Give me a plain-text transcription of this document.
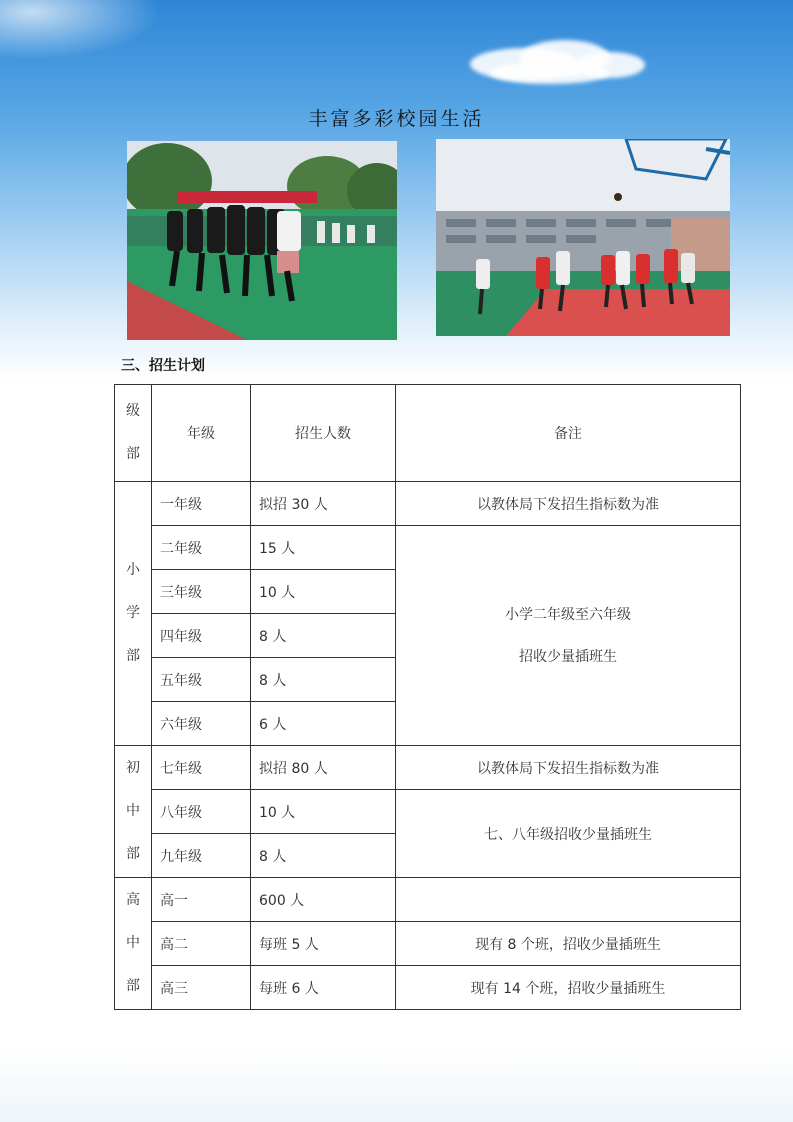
丰富多彩校园生活
三、招生计划
级
部	年级	招生人数	备注

小
学
部	一年级	拟招 30 人	以教体局下发招生指标数为准
	二年级	15 人	小学二年级至六年级
招收少量插班生

	三年级	10 人	
	四年级	8 人	
	五年级	8 人	
	六年级	6 人	

初
中
部	七年级	拟招 80 人	以教体局下发招生指标数为准
	八年级	10 人	七、八年级招收少量插班生
	九年级	8 人	

高
中
部	高一	600 人	
	高二	每班 5 人	现有 8 个班，招收少量插班生
	高三	每班 6 人	现有 14 个班，招收少量插班生
